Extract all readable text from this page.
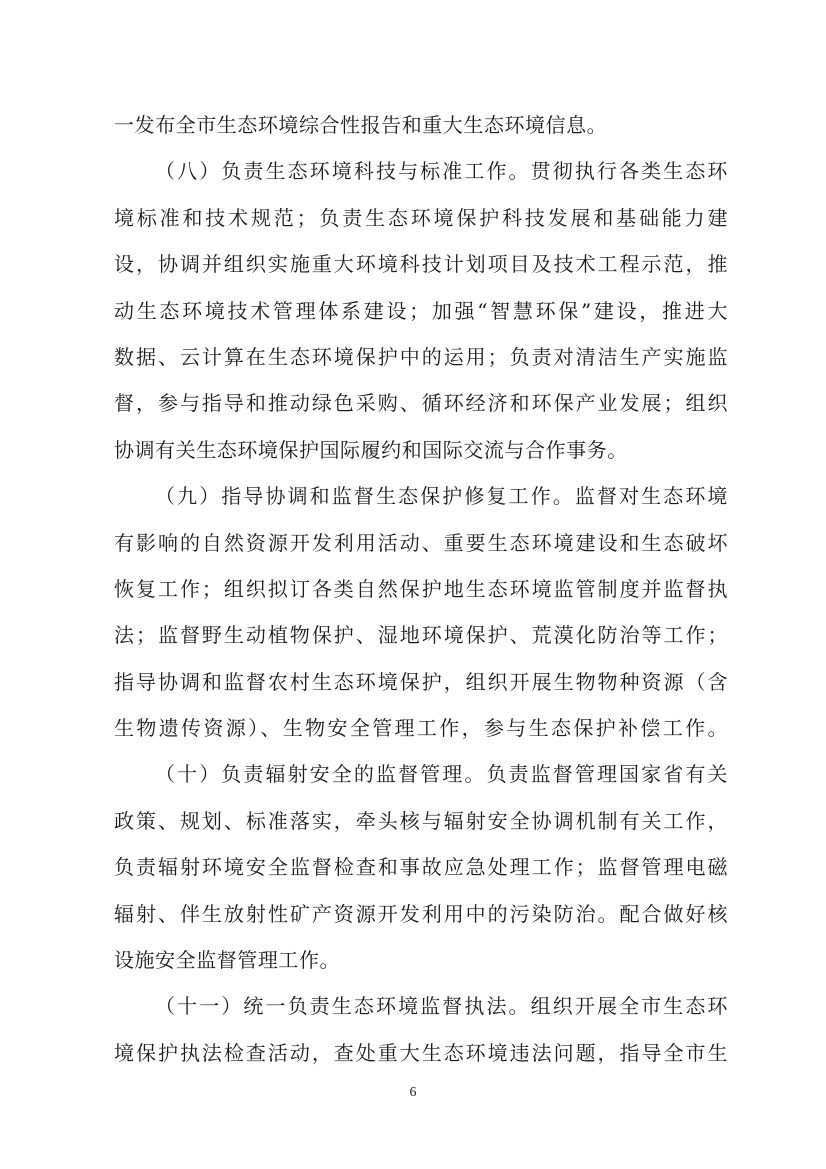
一发布全市生态环境综合性报告和重大生态环境信息。
（八）负责生态环境科技与标准工作。贯彻执行各类生态环
境标准和技术规范；负责生态环境保护科技发展和基础能力建
设，协调并组织实施重大环境科技计划项目及技术工程示范，推
动生态环境技术管理体系建设；加强“智慧环保”建设，推进大
数据、云计算在生态环境保护中的运用；负责对清洁生产实施监
督，参与指导和推动绿色采购、循环经济和环保产业发展；组织
协调有关生态环境保护国际履约和国际交流与合作事务。
（九）指导协调和监督生态保护修复工作。监督对生态环境
有影响的自然资源开发利用活动、重要生态环境建设和生态破坏
恢复工作；组织拟订各类自然保护地生态环境监管制度并监督执
法；监督野生动植物保护、湿地环境保护、荒漠化防治等工作；
指导协调和监督农村生态环境保护，组织开展生物物种资源（含
生物遗传资源）、生物安全管理工作，参与生态保护补偿工作。
（十）负责辐射安全的监督管理。负责监督管理国家省有关
政策、规划、标准落实，牵头核与辐射安全协调机制有关工作，
负责辐射环境安全监督检查和事故应急处理工作；监督管理电磁
辐射、伴生放射性矿产资源开发利用中的污染防治。配合做好核
设施安全监督管理工作。
（十一）统一负责生态环境监督执法。组织开展全市生态环
境保护执法检查活动，查处重大生态环境违法问题，指导全市生
6
